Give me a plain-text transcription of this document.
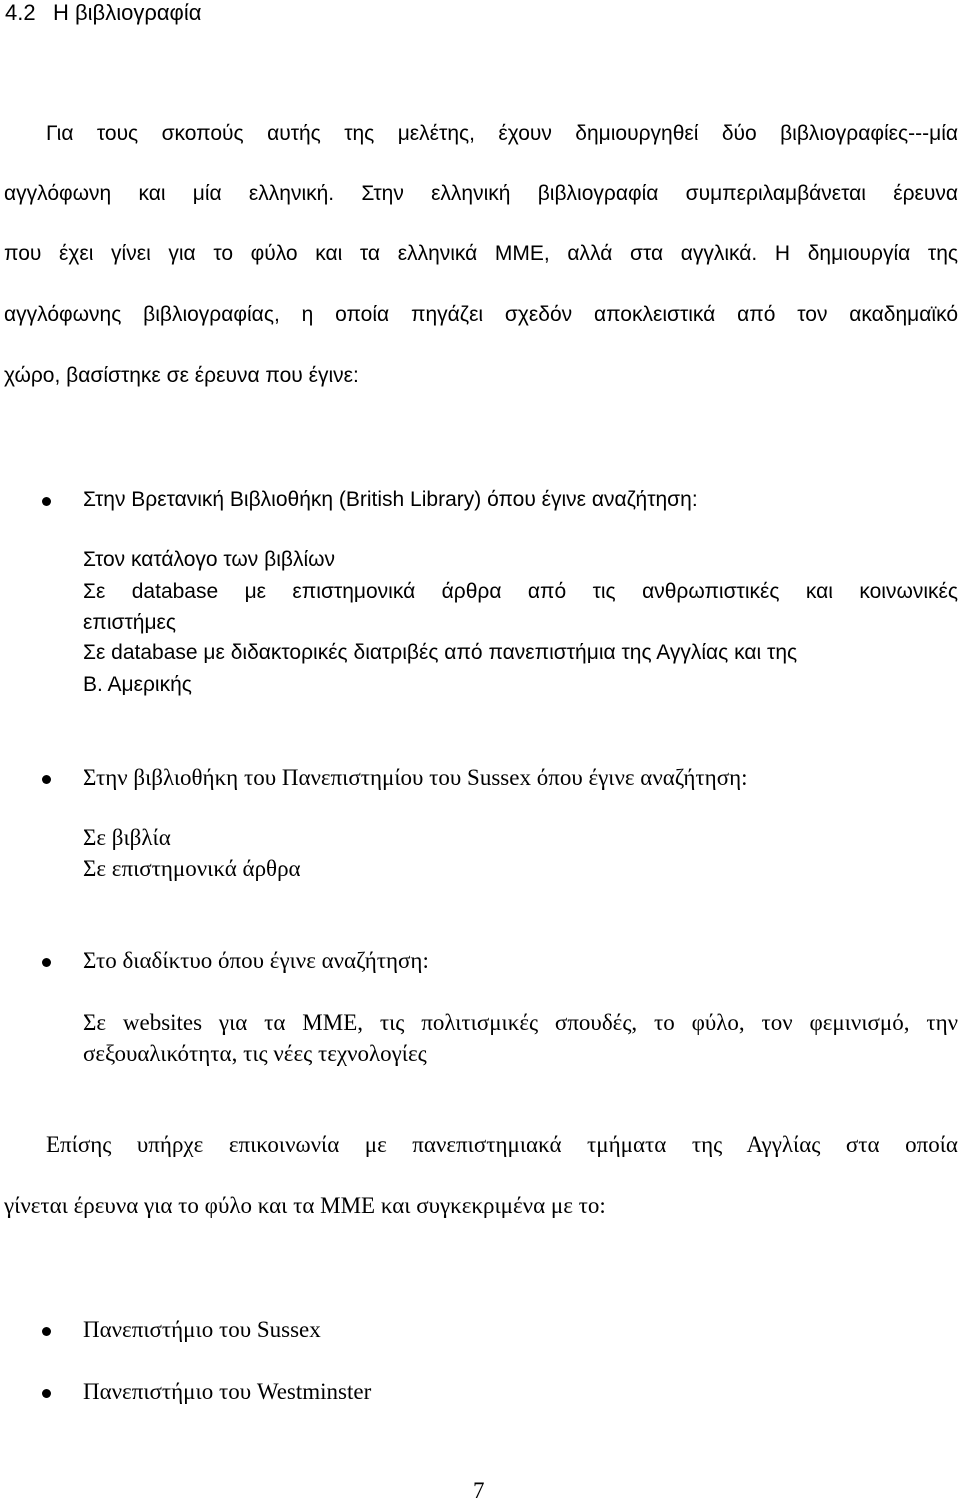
4.2 Η βιβλιογραφία
Για τους σκοπούς αυτής της μελέτης, έχουν δημιουργηθεί δύο βιβλιογραφίες---μία
αγγλόφωνη και μία ελληνική. Στην ελληνική βιβλιογραφία συμπεριλαμβάνεται έρευνα
που έχει γίνει για το φύλο και τα ελληνικά ΜΜΕ, αλλά στα αγγλικά. Η δημιουργία της
αγγλόφωνης βιβλιογραφίας, η οποία πηγάζει σχεδόν αποκλειστικά από τον ακαδημαϊκό
χώρο, βασίστηκε σε έρευνα που έγινε:
Στην Βρετανική Βιβλιοθήκη (British Library) όπου έγινε αναζήτηση:
Στον κατάλογο των βιβλίων
Σε database με επιστημονικά άρθρα από τις ανθρωπιστικές και κοινωνικές
επιστήμες
Σε database με διδακτορικές διατριβές από πανεπιστήμια της Αγγλίας και της
Β. Αμερικής
Στην βιβλιοθήκη του Πανεπιστημίου του Sussex όπου έγινε αναζήτηση:
Σε βιβλία
Σε επιστημονικά άρθρα
Στο διαδίκτυο όπου έγινε αναζήτηση:
Σε websites για τα ΜΜΕ, τις πολιτισμικές σπουδές, το φύλο, τον φεμινισμό, την
σεξουαλικότητα, τις νέες τεχνολογίες
Επίσης υπήρχε επικοινωνία με πανεπιστημιακά τμήματα της Αγγλίας στα οποία
γίνεται έρευνα για το φύλο και τα ΜΜΕ και συγκεκριμένα με το:
Πανεπιστήμιο του Sussex
Πανεπιστήμιο του Westminster
7
